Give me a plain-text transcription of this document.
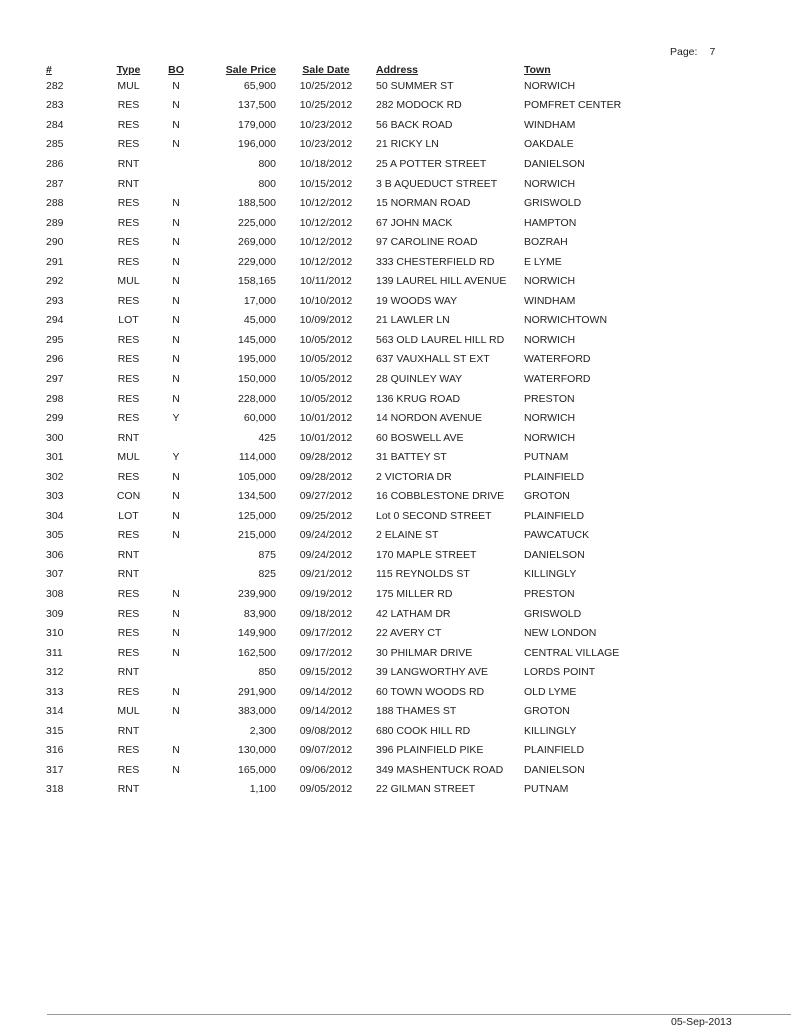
Page: 7
#	Type	BO	Sale Price	Sale Date	Address	Town
282	MUL	N	65,900	10/25/2012	50 SUMMER ST	NORWICH
283	RES	N	137,500	10/25/2012	282 MODOCK RD	POMFRET CENTER
284	RES	N	179,000	10/23/2012	56 BACK ROAD	WINDHAM
285	RES	N	196,000	10/23/2012	21 RICKY LN	OAKDALE
286	RNT		800	10/18/2012	25 A POTTER STREET	DANIELSON
287	RNT		800	10/15/2012	3 B AQUEDUCT STREET	NORWICH
288	RES	N	188,500	10/12/2012	15 NORMAN ROAD	GRISWOLD
289	RES	N	225,000	10/12/2012	67 JOHN MACK	HAMPTON
290	RES	N	269,000	10/12/2012	97 CAROLINE ROAD	BOZRAH
291	RES	N	229,000	10/12/2012	333 CHESTERFIELD RD	E LYME
292	MUL	N	158,165	10/11/2012	139 LAUREL HILL AVENUE	NORWICH
293	RES	N	17,000	10/10/2012	19 WOODS WAY	WINDHAM
294	LOT	N	45,000	10/09/2012	21 LAWLER LN	NORWICHTOWN
295	RES	N	145,000	10/05/2012	563 OLD LAUREL HILL RD	NORWICH
296	RES	N	195,000	10/05/2012	637 VAUXHALL ST EXT	WATERFORD
297	RES	N	150,000	10/05/2012	28 QUINLEY WAY	WATERFORD
298	RES	N	228,000	10/05/2012	136 KRUG ROAD	PRESTON
299	RES	Y	60,000	10/01/2012	14 NORDON AVENUE	NORWICH
300	RNT		425	10/01/2012	60 BOSWELL AVE	NORWICH
301	MUL	Y	114,000	09/28/2012	31 BATTEY ST	PUTNAM
302	RES	N	105,000	09/28/2012	2 VICTORIA DR	PLAINFIELD
303	CON	N	134,500	09/27/2012	16 COBBLESTONE DRIVE	GROTON
304	LOT	N	125,000	09/25/2012	Lot 0 SECOND STREET	PLAINFIELD
305	RES	N	215,000	09/24/2012	2 ELAINE ST	PAWCATUCK
306	RNT		875	09/24/2012	170 MAPLE STREET	DANIELSON
307	RNT		825	09/21/2012	115 REYNOLDS ST	KILLINGLY
308	RES	N	239,900	09/19/2012	175 MILLER RD	PRESTON
309	RES	N	83,900	09/18/2012	42 LATHAM DR	GRISWOLD
310	RES	N	149,900	09/17/2012	22 AVERY CT	NEW LONDON
311	RES	N	162,500	09/17/2012	30 PHILMAR DRIVE	CENTRAL VILLAGE
312	RNT		850	09/15/2012	39 LANGWORTHY AVE	LORDS POINT
313	RES	N	291,900	09/14/2012	60 TOWN WOODS RD	OLD LYME
314	MUL	N	383,000	09/14/2012	188 THAMES ST	GROTON
315	RNT		2,300	09/08/2012	680 COOK HILL RD	KILLINGLY
316	RES	N	130,000	09/07/2012	396 PLAINFIELD PIKE	PLAINFIELD
317	RES	N	165,000	09/06/2012	349 MASHENTUCK ROAD	DANIELSON
318	RNT		1,100	09/05/2012	22 GILMAN STREET	PUTNAM
05-Sep-2013
